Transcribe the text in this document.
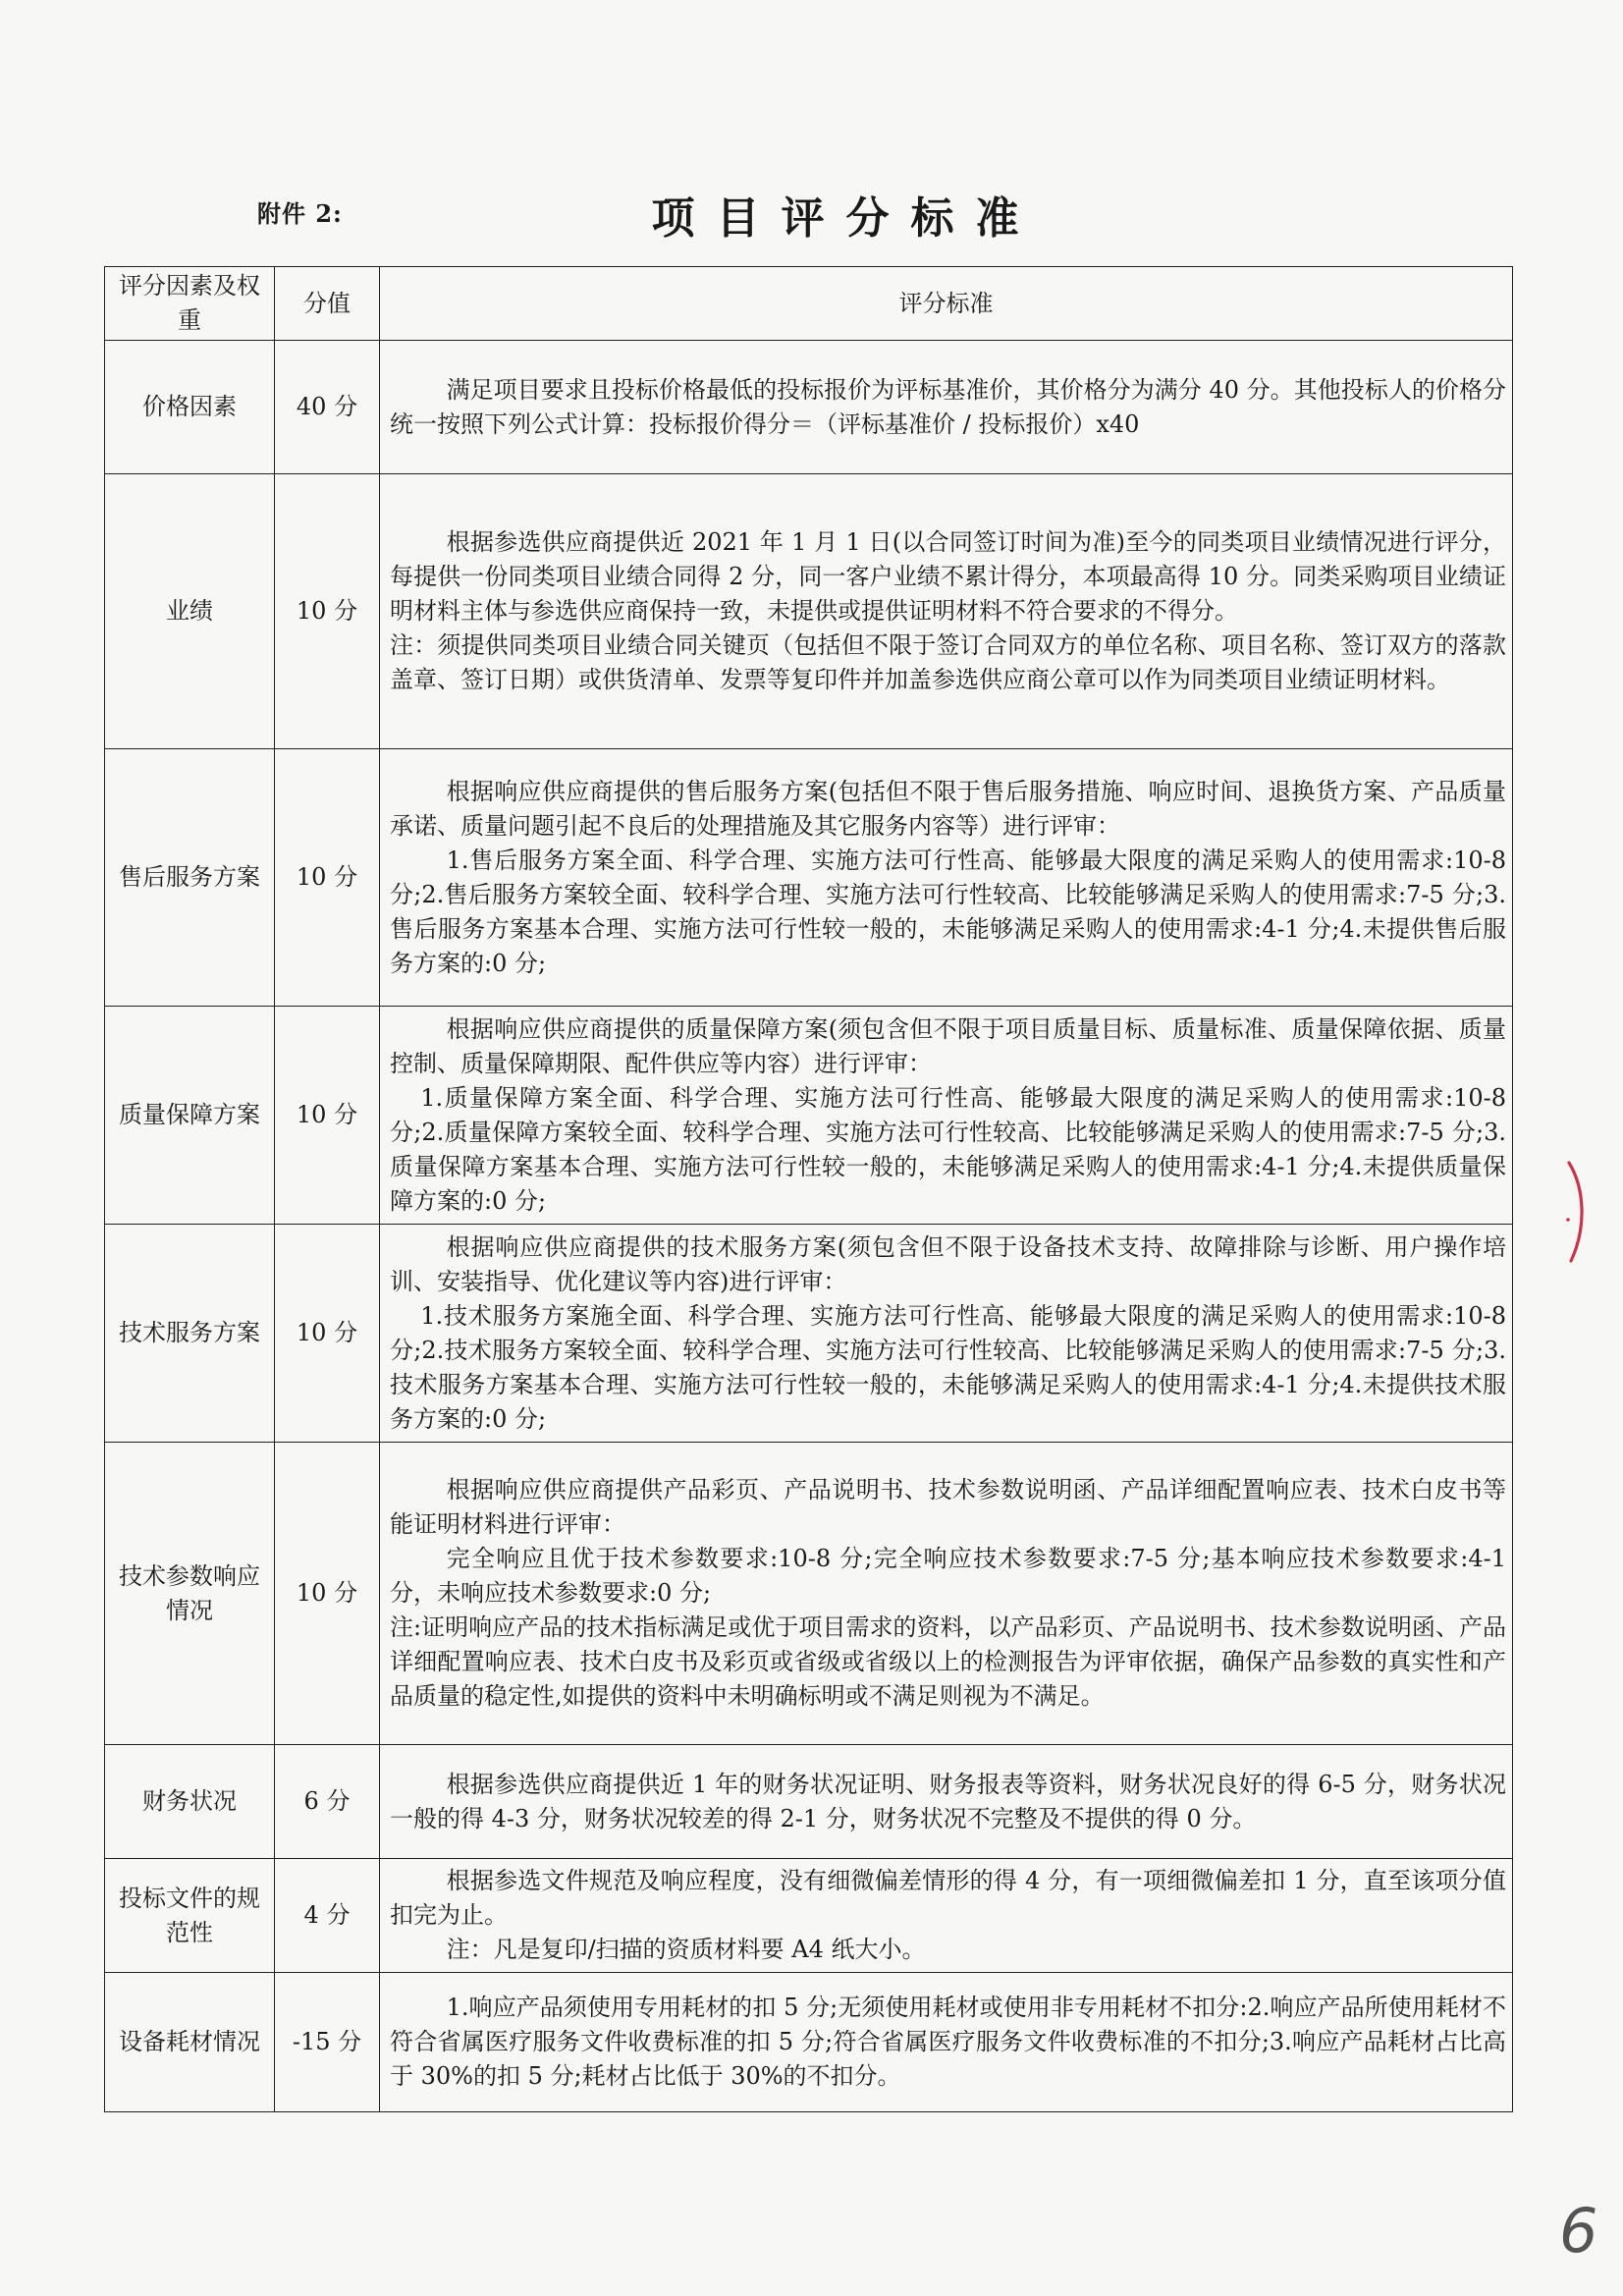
附件 2:	项目评分标准
评分因素及权重	分值	评分标准
价格因素	40 分	满足项目要求且投标价格最低的投标报价为评标基准价，其价格分为满分 40 分。其他投标人的价格分统一按照下列公式计算：投标报价得分＝（评标基准价 / 投标报价）x40

业绩	10 分	根据参选供应商提供近 2021 年 1 月 1 日(以合同签订时间为准)至今的同类项目业绩情况进行评分，每提供一份同类项目业绩合同得 2 分，同一客户业绩不累计得分，本项最高得 10 分。同类采购项目业绩证明材料主体与参选供应商保持一致，未提供或提供证明材料不符合要求的不得分。

注：须提供同类项目业绩合同关键页（包括但不限于签订合同双方的单位名称、项目名称、签订双方的落款盖章、签订日期）或供货清单、发票等复印件并加盖参选供应商公章可以作为同类项目业绩证明材料。

售后服务方案	10 分	根据响应供应商提供的售后服务方案(包括但不限于售后服务措施、响应时间、退换货方案、产品质量承诺、质量问题引起不良后的处理措施及其它服务内容等）进行评审：

1.售后服务方案全面、科学合理、实施方法可行性高、能够最大限度的满足采购人的使用需求:10-8 分;2.售后服务方案较全面、较科学合理、实施方法可行性较高、比较能够满足采购人的使用需求:7-5 分;3.售后服务方案基本合理、实施方法可行性较一般的，未能够满足采购人的使用需求:4-1 分;4.未提供售后服务方案的:0 分;

质量保障方案	10 分	根据响应供应商提供的质量保障方案(须包含但不限于项目质量目标、质量标准、质量保障依据、质量控制、质量保障期限、配件供应等内容）进行评审：

1.质量保障方案全面、科学合理、实施方法可行性高、能够最大限度的满足采购人的使用需求:10-8 分;2.质量保障方案较全面、较科学合理、实施方法可行性较高、比较能够满足采购人的使用需求:7-5 分;3.质量保障方案基本合理、实施方法可行性较一般的，未能够满足采购人的使用需求:4-1 分;4.未提供质量保障方案的:0 分;

技术服务方案	10 分	根据响应供应商提供的技术服务方案(须包含但不限于设备技术支持、故障排除与诊断、用户操作培训、安装指导、优化建议等内容)进行评审：

1.技术服务方案施全面、科学合理、实施方法可行性高、能够最大限度的满足采购人的使用需求:10-8 分;2.技术服务方案较全面、较科学合理、实施方法可行性较高、比较能够满足采购人的使用需求:7-5 分;3.技术服务方案基本合理、实施方法可行性较一般的，未能够满足采购人的使用需求:4-1 分;4.未提供技术服务方案的:0 分;

技术参数响应情况	10 分	根据响应供应商提供产品彩页、产品说明书、技术参数说明函、产品详细配置响应表、技术白皮书等能证明材料进行评审：

完全响应且优于技术参数要求:10-8 分;完全响应技术参数要求:7-5 分;基本响应技术参数要求:4-1 分，未响应技术参数要求:0 分;

注:证明响应产品的技术指标满足或优于项目需求的资料，以产品彩页、产品说明书、技术参数说明函、产品详细配置响应表、技术白皮书及彩页或省级或省级以上的检测报告为评审依据，确保产品参数的真实性和产品质量的稳定性,如提供的资料中未明确标明或不满足则视为不满足。

财务状况	6 分	根据参选供应商提供近 1 年的财务状况证明、财务报表等资料，财务状况良好的得 6-5 分，财务状况一般的得 4-3 分，财务状况较差的得 2-1 分，财务状况不完整及不提供的得 0 分。

投标文件的规范性	4 分	根据参选文件规范及响应程度，没有细微偏差情形的得 4 分，有一项细微偏差扣 1 分，直至该项分值扣完为止。

注：凡是复印/扫描的资质材料要 A4 纸大小。

设备耗材情况	-15 分	1.响应产品须使用专用耗材的扣 5 分;无须使用耗材或使用非专用耗材不扣分:2.响应产品所使用耗材不符合省属医疗服务文件收费标准的扣 5 分;符合省属医疗服务文件收费标准的不扣分;3.响应产品耗材占比高于 30%的扣 5 分;耗材占比低于 30%的不扣分。

6
